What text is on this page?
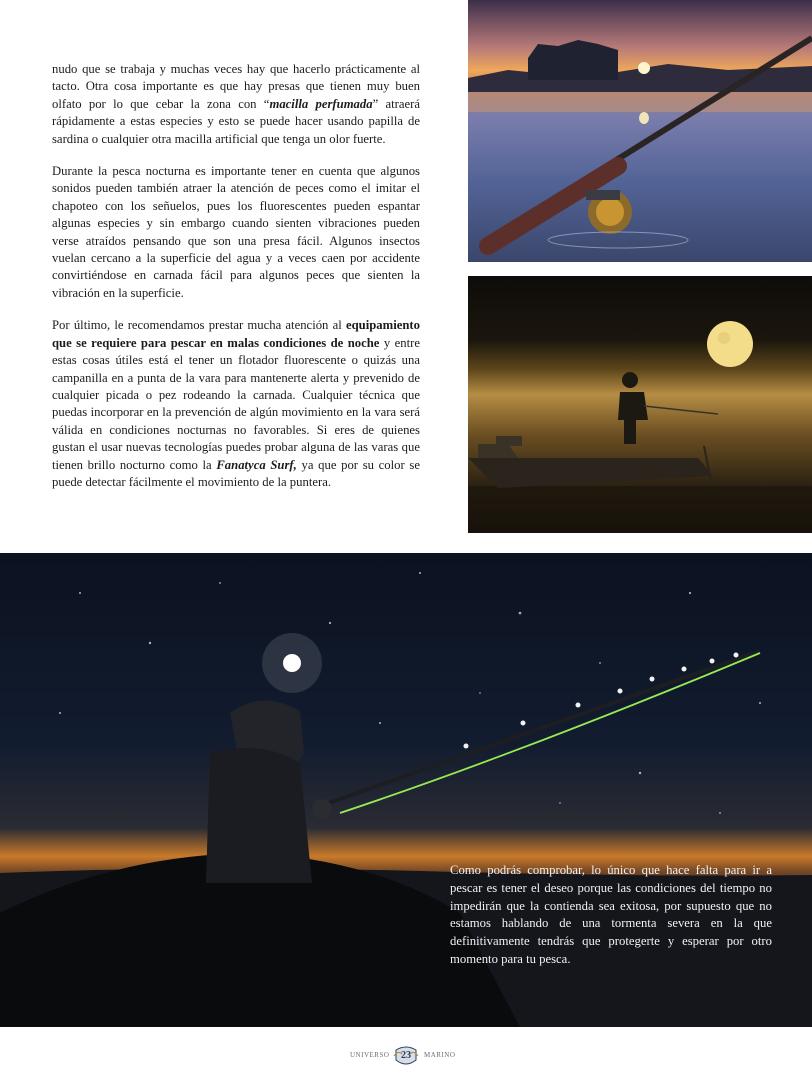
nudo que se trabaja y muchas veces hay que hacerlo prácticamente al tacto. Otra cosa importante es que hay presas que tienen muy buen olfato por lo que cebar la zona con “macilla perfumada” atraerá rápidamente a estas especies y esto se puede hacer usando papilla de sardina o cualquier otra macilla artificial que tenga un olor fuerte.

Durante la pesca nocturna es importante tener en cuenta que algunos sonidos pueden también atraer la atención de peces como el imitar el chapoteo con los señuelos, pues los fluorescentes pueden espantar algunas especies y sin embargo cuando sienten vibraciones pueden verse atraídos pensando que son una presa fácil. Algunos insectos vuelan cercano a la superficie del agua y a veces caen por accidente convirtiéndose en carnada fácil para algunos peces que sienten la vibración en la superficie.

Por último, le recomendamos prestar mucha atención al equipamiento que se requiere para pescar en malas condiciones de noche y entre estas cosas útiles está el tener un flotador fluorescente o quizás una campanilla en a punta de la vara para mantenerte alerta y prevenido de cualquier picada o pez rodeando la carnada. Cualquier técnica que puedas incorporar en la prevención de algún movimiento en la vara será válida en condiciones nocturnas no favorables. Si eres de quienes gustan el usar nuevas tecnologías puedes probar alguna de las varas que tienen brillo nocturno como la Fanatyca Surf, ya que por su color se puede detectar fácilmente el movimiento de la puntera.

Como podrás comprobar, lo único que hace falta para ir a pescar es tener el deseo porque las condiciones del tiempo no impedirán que la contienda sea exitosa, por supuesto que no estamos hablando de una tormenta severa en la que definitivamente tendrás que protegerte y esperar por otro momento para tu pesca.

UNIVERSO	23	MARINO
